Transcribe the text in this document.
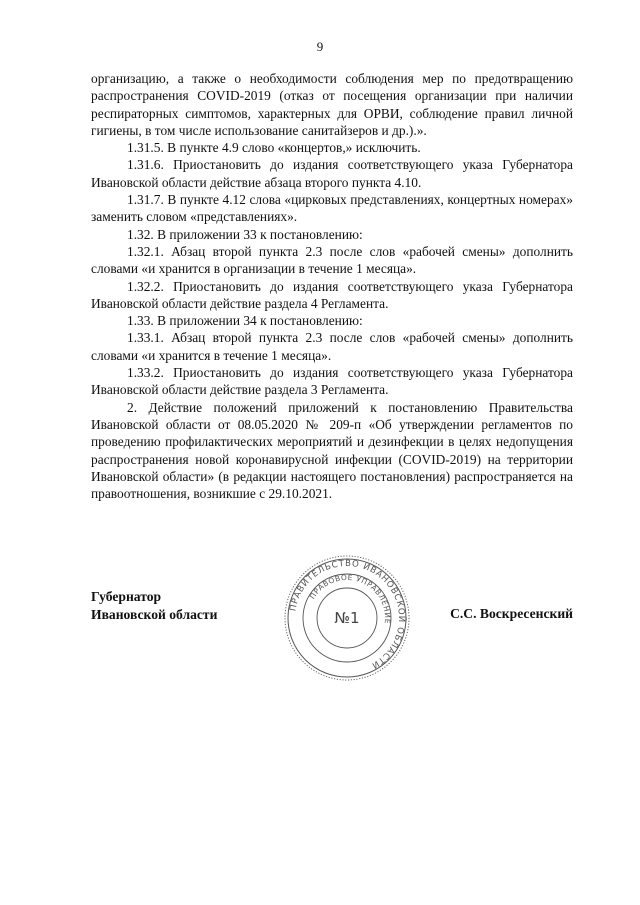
9

организацию, а также о необходимости соблюдения мер по предотвращению распространения COVID-2019 (отказ от посещения организации при наличии респираторных симптомов, характерных для ОРВИ, соблюдение правил личной гигиены, в том числе использование санитайзеров и др.).».

1.31.5. В пункте 4.9 слово «концертов,» исключить.

1.31.6. Приостановить до издания соответствующего указа Губернатора Ивановской области действие абзаца второго пункта 4.10.

1.31.7. В пункте 4.12 слова «цирковых представлениях, концертных номерах» заменить словом «представлениях».

1.32. В приложении 33 к постановлению:

1.32.1. Абзац второй пункта 2.3 после слов «рабочей смены» дополнить словами «и хранится в организации в течение 1 месяца».

1.32.2. Приостановить до издания соответствующего указа Губернатора Ивановской области действие раздела 4 Регламента.

1.33. В приложении 34 к постановлению:

1.33.1. Абзац второй пункта 2.3 после слов «рабочей смены» дополнить словами «и хранится в течение 1 месяца».

1.33.2. Приостановить до издания соответствующего указа Губернатора Ивановской области действие раздела 3 Регламента.

2. Действие положений приложений к постановлению Правительства Ивановской области от 08.05.2020 № 209-п «Об утверждении регламентов по проведению профилактических мероприятий и дезинфекции в целях недопущения распространения новой коронавирусной инфекции (COVID-2019) на территории Ивановской области» (в редакции настоящего постановления) распространяется на правоотношения, возникшие с 29.10.2021.

Губернатор
Ивановской области	ПРАВИТЕЛЬСТВО ИВАНОВСКОЙ ОБЛАСТИ
ПРАВОВОЕ УПРАВЛЕНИЕ
№1	С.С. Воскресенский
